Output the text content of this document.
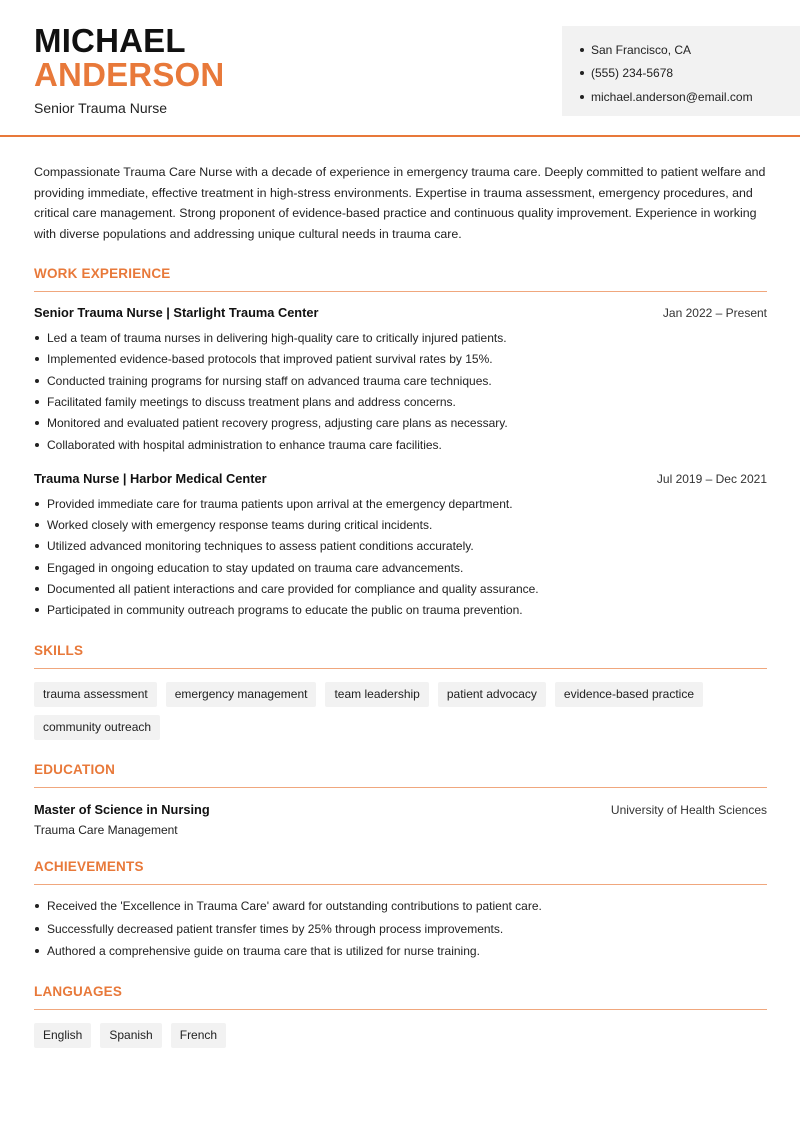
MICHAEL
ANDERSON
Senior Trauma Nurse
San Francisco, CA
(555) 234-5678
michael.anderson@email.com

Compassionate Trauma Care Nurse with a decade of experience in emergency trauma care. Deeply committed to patient welfare and providing immediate, effective treatment in high-stress environments. Expertise in trauma assessment, emergency procedures, and critical care management. Strong proponent of evidence-based practice and continuous quality improvement. Experience in working with diverse populations and addressing unique cultural needs in trauma care.

WORK EXPERIENCE
Senior Trauma Nurse | Starlight Trauma Center	Jan 2022 – Present
Led a team of trauma nurses in delivering high-quality care to critically injured patients.
Implemented evidence-based protocols that improved patient survival rates by 15%.
Conducted training programs for nursing staff on advanced trauma care techniques.
Facilitated family meetings to discuss treatment plans and address concerns.
Monitored and evaluated patient recovery progress, adjusting care plans as necessary.
Collaborated with hospital administration to enhance trauma care facilities.
Trauma Nurse | Harbor Medical Center	Jul 2019 – Dec 2021
Provided immediate care for trauma patients upon arrival at the emergency department.
Worked closely with emergency response teams during critical incidents.
Utilized advanced monitoring techniques to assess patient conditions accurately.
Engaged in ongoing education to stay updated on trauma care advancements.
Documented all patient interactions and care provided for compliance and quality assurance.
Participated in community outreach programs to educate the public on trauma prevention.
SKILLS
trauma assessment	emergency management	team leadership	patient advocacy	evidence-based practice
community outreach
EDUCATION
Master of Science in Nursing	University of Health Sciences
Trauma Care Management
ACHIEVEMENTS
Received the 'Excellence in Trauma Care' award for outstanding contributions to patient care.
Successfully decreased patient transfer times by 25% through process improvements.
Authored a comprehensive guide on trauma care that is utilized for nurse training.
LANGUAGES
English	Spanish	French
